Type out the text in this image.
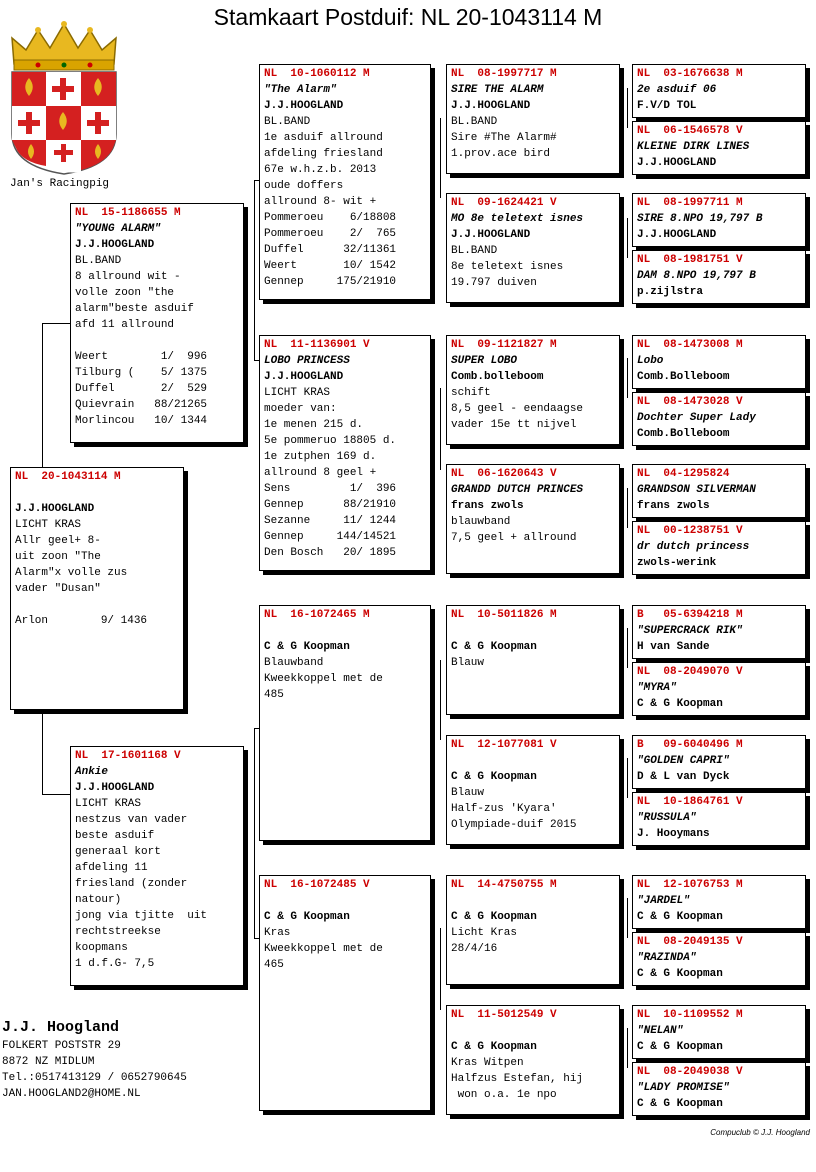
Stamkaart Postduif: NL 20-1043114 M
Jan's Racingpig
NL  20-1043114 M

J.J.HOOGLAND
LICHT KRAS
Allr geel+ 8-
uit zoon "The
Alarm"x volle zus
vader "Dusan"

Arlon        9/ 1436
NL  15-1186655 M
"YOUNG ALARM"
J.J.HOOGLAND
BL.BAND
8 allround wit -
volle zoon "the
alarm"beste asduif
afd 11 allround

Weert        1/  996
Tilburg (    5/ 1375
Duffel       2/  529
Quievrain   88/21265
Morlincou   10/ 1344
NL  17-1601168 V
Ankie
J.J.HOOGLAND
LICHT KRAS
nestzus van vader
beste asduif
generaal kort
afdeling 11
friesland (zonder
natour)
jong via tjitte  uit
rechtstreekse
koopmans
1 d.f.G- 7,5
NL  10-1060112 M
"The Alarm"
J.J.HOOGLAND
BL.BAND
1e asduif allround
afdeling friesland
67e w.h.z.b. 2013
oude doffers
allround 8- wit +
Pommeroeu    6/18808
Pommeroeu    2/  765
Duffel      32/11361
Weert       10/ 1542
Gennep     175/21910
NL  11-1136901 V
LOBO PRINCESS
J.J.HOOGLAND
LICHT KRAS
moeder van:
1e menen 215 d.
5e pommeruo 18805 d.
1e zutphen 169 d.
allround 8 geel +
Sens         1/  396
Gennep      88/21910
Sezanne     11/ 1244
Gennep     144/14521
Den Bosch   20/ 1895
NL  16-1072465 M

C & G Koopman
Blauwband
Kweekkoppel met de
485
NL  16-1072485 V

C & G Koopman
Kras
Kweekkoppel met de
465
NL  08-1997717 M
SIRE THE ALARM
J.J.HOOGLAND
BL.BAND
Sire #The Alarm#
1.prov.ace bird
NL  09-1624421 V
MO 8e teletext isnes
J.J.HOOGLAND
BL.BAND
8e teletext isnes
19.797 duiven
NL  09-1121827 M
SUPER LOBO
Comb.bolleboom
schift
8,5 geel - eendaagse
vader 15e tt nijvel
NL  06-1620643 V
GRANDD DUTCH PRINCES
frans zwols
blauwband
7,5 geel + allround
NL  10-5011826 M

C & G Koopman
Blauw
NL  12-1077081 V

C & G Koopman
Blauw
Half-zus 'Kyara'
Olympiade-duif 2015
NL  14-4750755 M

C & G Koopman
Licht Kras
28/4/16
NL  11-5012549 V

C & G Koopman
Kras Witpen
Halfzus Estefan, hij
won o.a. 1e npo
NL  03-1676638 M
2e asduif 06
F.V/D TOL
NL  06-1546578 V
KLEINE DIRK LINES
J.J.HOOGLAND
NL  08-1997711 M
SIRE 8.NPO 19,797 B
J.J.HOOGLAND
NL  08-1981751 V
DAM 8.NPO 19,797 B
p.zijlstra
NL  08-1473008 M
Lobo
Comb.Bolleboom
NL  08-1473028 V
Dochter Super Lady
Comb.Bolleboom
NL  04-1295824
GRANDSON SILVERMAN
frans zwols
NL  00-1238751 V
dr dutch princess
zwols-werink
B   05-6394218 M
"SUPERCRACK RIK"
H van Sande
NL  08-2049070 V
"MYRA"
C & G Koopman
B   09-6040496 M
"GOLDEN CAPRI"
D & L van Dyck
NL  10-1864761 V
"RUSSULA"
J. Hooymans
NL  12-1076753 M
"JARDEL"
C & G Koopman
NL  08-2049135 V
"RAZINDA"
C & G Koopman
NL  10-1109552 M
"NELAN"
C & G Koopman
NL  08-2049038 V
"LADY PROMISE"
C & G Koopman
J.J. Hoogland
FOLKERT POSTSTR 29
8872 NZ MIDLUM
Tel.:0517413129 / 0652790645
JAN.HOOGLAND2@HOME.NL
Compuclub © J.J. Hoogland
